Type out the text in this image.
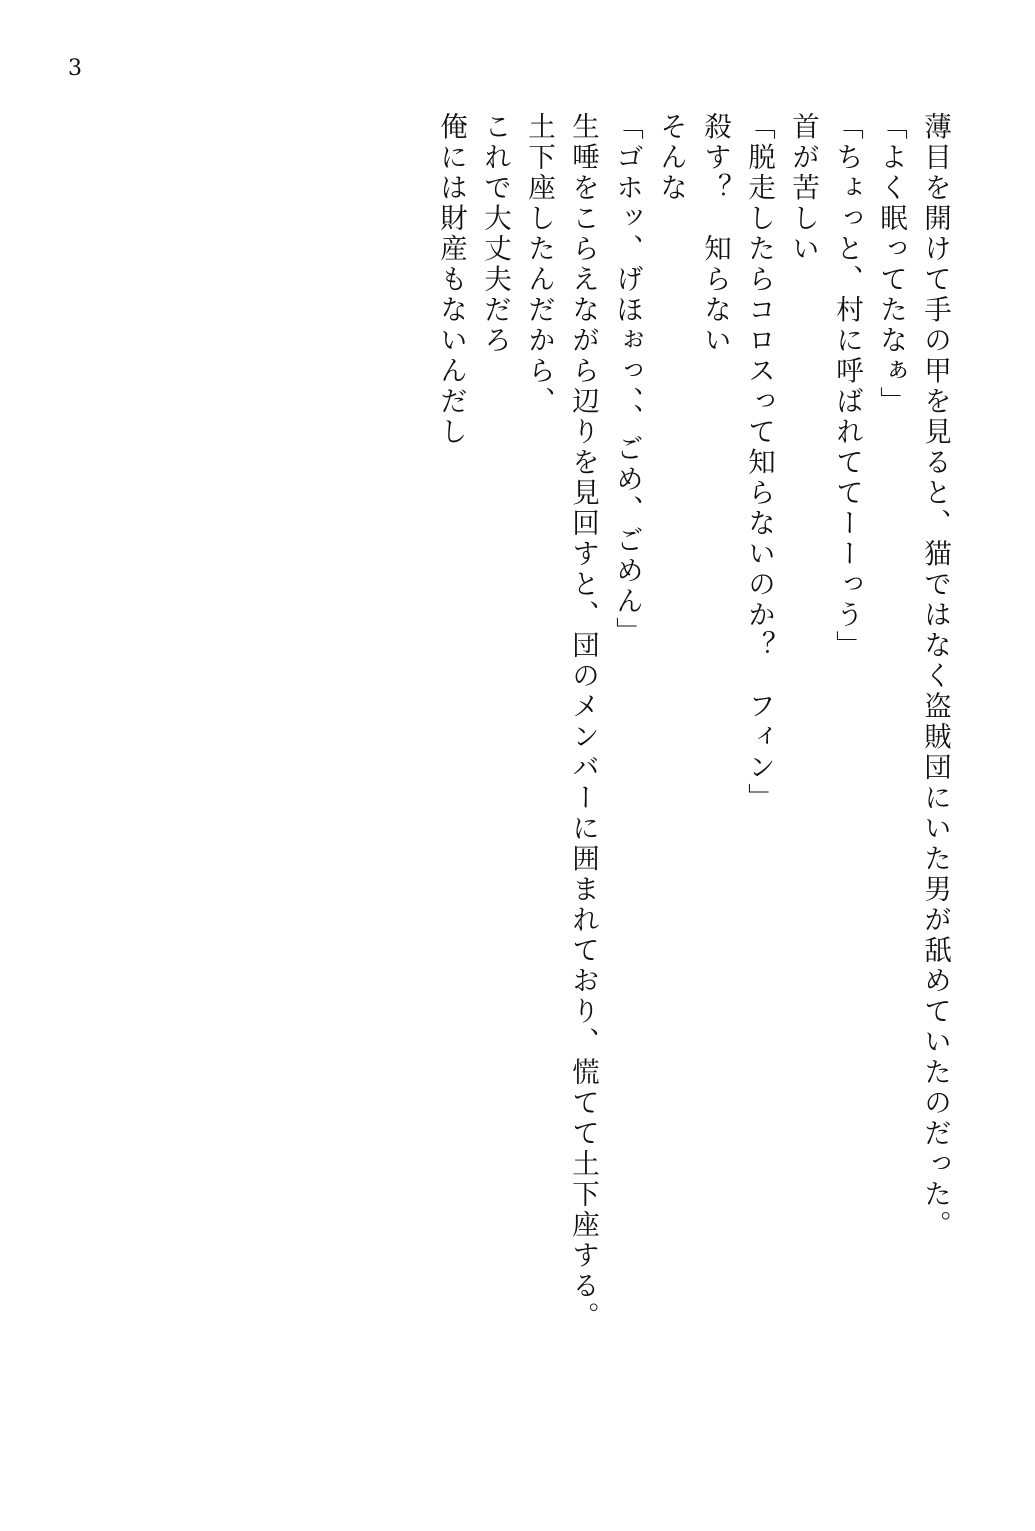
3
薄目を開けて手の甲を見ると、猫ではなく盗賊団にいた男が舐めていたのだった。
「よく眠ってたなぁ」
「ちょっと、村に呼ばれててーーっう」
首が苦しい
「脱走したらコロスって知らないのか？　フィン」
殺す？　知らない
そんな
「ゴホッ、げほぉっ、、ごめ、ごめん」
生唾をこらえながら辺りを見回すと、団のメンバーに囲まれており、慌てて土下座する。
土下座したんだから、
これで大丈夫だろ
俺には財産もないんだし
